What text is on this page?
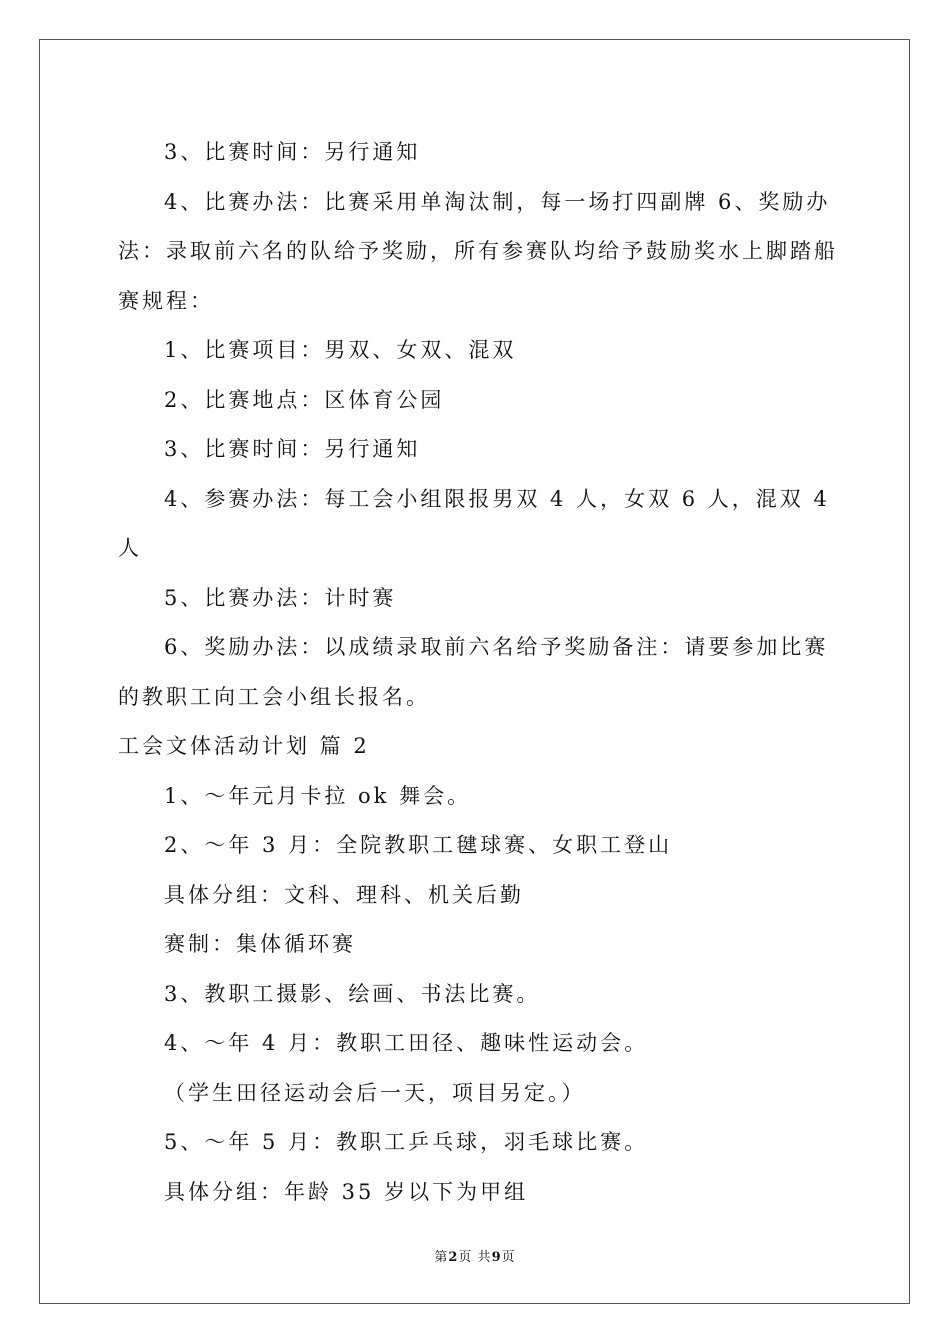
3、比赛时间：另行通知

4、比赛办法：比赛采用单淘汰制，每一场打四副牌 6、奖励办法：录取前六名的队给予奖励，所有参赛队均给予鼓励奖水上脚踏船赛规程：

1、比赛项目：男双、女双、混双

2、比赛地点：区体育公园

3、比赛时间：另行通知

4、参赛办法：每工会小组限报男双 4 人，女双 6 人，混双 4 人

5、比赛办法：计时赛

6、奖励办法：以成绩录取前六名给予奖励备注：请要参加比赛的教职工向工会小组长报名。

工会文体活动计划 篇 2

1、～年元月卡拉 ok 舞会。

2、～年 3 月：全院教职工毽球赛、女职工登山

具体分组：文科、理科、机关后勤

赛制：集体循环赛

3、教职工摄影、绘画、书法比赛。

4、～年 4 月：教职工田径、趣味性运动会。

（学生田径运动会后一天，项目另定。）

5、～年 5 月：教职工乒乓球，羽毛球比赛。

具体分组：年龄 35 岁以下为甲组

第2页 共9页
